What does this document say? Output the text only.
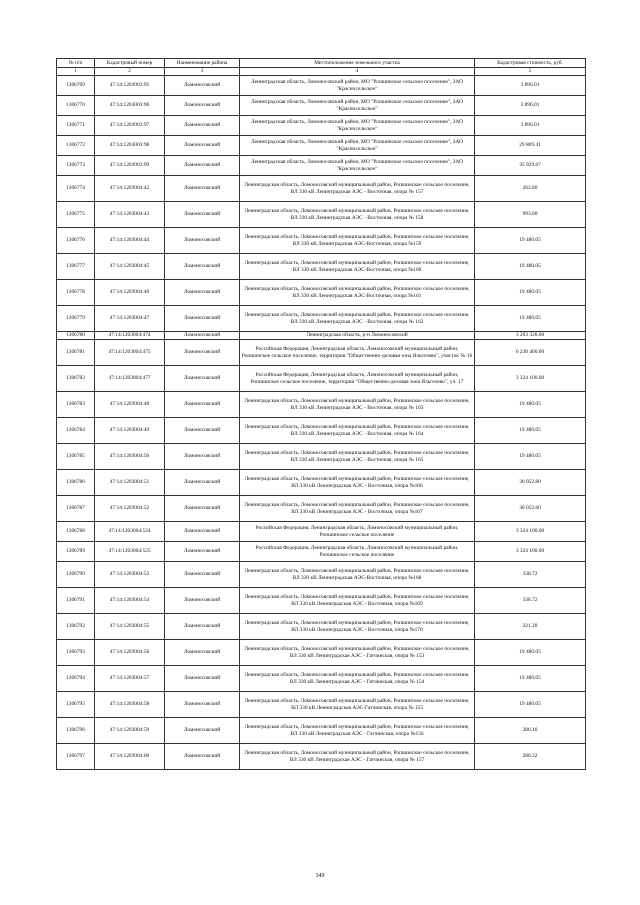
№ п/п	Кадастровый номер	Наименование района	Местоположение земельного участка	Кадастровая стоимость, руб.
1	2	3	4	5
1306769	47:14:1203003:95	Ломоносовский	Ленинградская область, Ломоносовский район, МО "Ропшинское сельское поселение", ЗАО "Красносельское"	3 896.01
1306770	47:14:1203003:96	Ломоносовский	Ленинградская область, Ломоносовский район, МО "Ропшинское сельское поселение", ЗАО "Красносельское"	3 896.01
1306771	47:14:1203003:97	Ломоносовский	Ленинградская область, Ломоносовский район, МО "Ропшинское сельское поселение", ЗАО "Красносельское"	3 896.01
1306772	47:14:1203003:98	Ломоносовский	Ленинградская область, Ломоносовский район, МО "Ропшинское сельское поселение", ЗАО "Красносельское"	29 869.41
1306773	47:14:1203003:99	Ломоносовский	Ленинградская область, Ломоносовский район, МО "Ропшинское сельское поселение", ЗАО "Красносельское"	35 929.87
1306774	47:14:1203004:42	Ломоносовский	Ленинградская область, Ломоносовский муниципальный район, Ропшинское сельское поселение, ВЛ 330 кВ Ленинградская АЭС - Восточная, опора № 157	262.80
1306775	47:14:1203004:43	Ломоносовский	Ленинградская область, Ломоносовский муниципальный район, Ропшинское сельское поселение, ВЛ 330 кВ Ленинградская АЭС - Восточная, опора № 158	993.60
1306776	47:14:1203004:44	Ломоносовский	Ленинградская область, Ломоносовский муниципальный район, Ропшинское сельское поселение, ВЛ 330 кВ Ленинградская АЭС-Восточная, опора №159	19 480.05
1306777	47:14:1203004:45	Ломоносовский	Ленинградская область, Ломоносовский муниципальный район, Ропшинское сельское поселение, ВЛ 330 кВ Ленинградская АЭС-Восточная, опора №160	19 480.05
1306778	47:14:1203004:46	Ломоносовский	Ленинградская область, Ломоносовский муниципальный район, Ропшинское сельское поселение, ВЛ 330 кВ Ленинградская АЭС-Восточная, опора №161	19 480.05
1306779	47:14:1203004:47	Ломоносовский	Ленинградская область, Ломоносовский муниципальный район, Ропшинское сельское поселение, ВЛ 330 кВ Ленинградская АЭС - Восточная, опора № 162	19 480.05
1306780	47:14:1203004:474	Ломоносовский	Ленинградская область, р-н Ломоносовский	3 203 328.00
1306781	47:14:1203004:475	Ломоносовский	Российская Федерация, Ленинградская область, Ломоносовский муниципальный район, Ропшинское сельское поселение, территория "Общественно-деловая зона Яльгелево", участок № 16	6 230 400.00
1306782	47:14:1203004:477	Ломоносовский	Российская Федерация, Ленинградская область, Ломоносовский муниципальный район, Ропшинское сельское поселение, территория "Общественно-деловая зона Яльгелево", уч. 17	3 324 100.00
1306783	47:14:1203004:48	Ломоносовский	Ленинградская область, Ломоносовский муниципальный район, Ропшинское сельское поселение, ВЛ 330 кВ Ленинградская АЭС - Восточная, опора № 163	19 480.05
1306784	47:14:1203004:49	Ломоносовский	Ленинградская область, Ломоносовский муниципальный район, Ропшинское сельское поселение, ВЛ 330 кВ Ленинградская АЭС - Восточная, опора № 164	19 480.05
1306785	47:14:1203004:50	Ломоносовский	Ленинградская область, Ломоносовский муниципальный район, Ропшинское сельское поселение, ВЛ 330 кВ Ленинградская АЭС - Восточная, опора № 165	19 480.05
1306786	47:14:1203004:51	Ломоносовский	Ленинградская область, Ломоносовский муниципальный район, Ропшинское сельское поселение, ВЛ 330 кВ Ленинградская АЭС - Восточная, опора №166	30 052.80
1306787	47:14:1203004:52	Ломоносовский	Ленинградская область, Ломоносовский муниципальный район, Ропшинское сельское поселение, ВЛ 330 кВ Ленинградская АЭС - Восточная, опора №167	30 052.80
1306788	47:14:1203004:524	Ломоносовский	Российская Федерация, Ленинградская область, Ломоносовский муниципальный район, Ропшинское сельское поселение	3 324 100.00
1306789	47:14:1203004:525	Ломоносовский	Российская Федерация, Ленинградская область, Ломоносовский муниципальный район, Ропшинское сельское поселение	3 324 100.00
1306790	47:14:1203004:53	Ломоносовский	Ленинградская область, Ломоносовский муниципальный район, Ропшинское сельское поселение, ВЛ 330 кВ Ленинградская АЭС-Восточная, опора №168	338.72
1306791	47:14:1203004:54	Ломоносовский	Ленинградская область, Ломоносовский муниципальный район, Ропшинское сельское поселение, ВЛ 330 кВ Ленинградская АЭС - Восточная, опора №169	338.72
1306792	47:14:1203004:55	Ломоносовский	Ленинградская область, Ломоносовский муниципальный район, Ропшинское сельское поселение, ВЛ 330 кВ Ленинградская АЭС - Восточная, опора №170	321.20
1306793	47:14:1203004:56	Ломоносовский	Ленинградская область, Ломоносовский муниципальный район, Ропшинское сельское поселение, ВЛ 330 кВ Ленинградская АЭС - Гатчинская, опора № 153	19 480.05
1306794	47:14:1203004:57	Ломоносовский	Ленинградская область, Ломоносовский муниципальный район, Ропшинское сельское поселение, ВЛ 330 кВ Ленинградская АЭС - Гатчинская, опора № 154	19 480.05
1306795	47:14:1203004:58	Ломоносовский	Ленинградская область, Ломоносовский муниципальный район, Ропшинское сельское поселение, ВЛ 330 кВ Ленинградская АЭС-Гатчинская, опора № 155	19 480.05
1306796	47:14:1203004:59	Ломоносовский	Ленинградская область, Ломоносовский муниципальный район, Ропшинское сельское поселение, ВЛ 330 кВ Ленинградская АЭС - Гатчинская, опора №156	286.16
1306797	47:14:1203004:60	Ломоносовский	Ленинградская область, Ломоносовский муниципальный район, Ропшинское сельское поселение, ВЛ 330 кВ Ленинградская АЭС - Гатчинская, опора № 157	280.32
349
